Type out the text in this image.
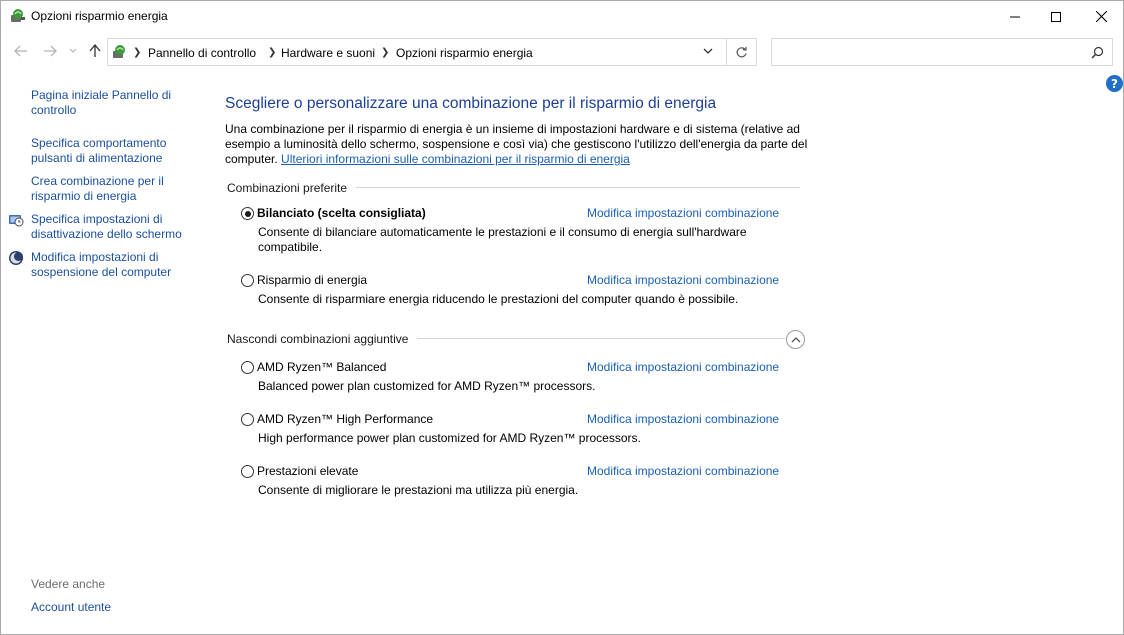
Opzioni risparmio energia
❯ Pannello di controllo ❯ Hardware e suoni ❯ Opzioni risparmio energia
?
Pagina iniziale Pannello di
controllo
Specifica comportamento
pulsanti di alimentazione
Crea combinazione per il
risparmio di energia
Specifica impostazioni di
disattivazione dello schermo
Modifica impostazioni di
sospensione del computer
Vedere anche
Account utente
Scegliere o personalizzare una combinazione per il risparmio di energia
Una combinazione per il risparmio di energia è un insieme di impostazioni hardware e di sistema (relative ad esempio a luminosità dello schermo, sospensione e così via) che gestiscono l'utilizzo dell'energia da parte del computer. Ulteriori informazioni sulle combinazioni per il risparmio di energia
Combinazioni preferite
Bilanciato (scelta consigliata)	Modifica impostazioni combinazione
Consente di bilanciare automaticamente le prestazioni e il consumo di energia sull'hardware
compatibile.
Risparmio di energia	Modifica impostazioni combinazione
Consente di risparmiare energia riducendo le prestazioni del computer quando è possibile.
Nascondi combinazioni aggiuntive
AMD Ryzen™ Balanced	Modifica impostazioni combinazione
Balanced power plan customized for AMD Ryzen™ processors.
AMD Ryzen™ High Performance	Modifica impostazioni combinazione
High performance power plan customized for AMD Ryzen™ processors.
Prestazioni elevate	Modifica impostazioni combinazione
Consente di migliorare le prestazioni ma utilizza più energia.
